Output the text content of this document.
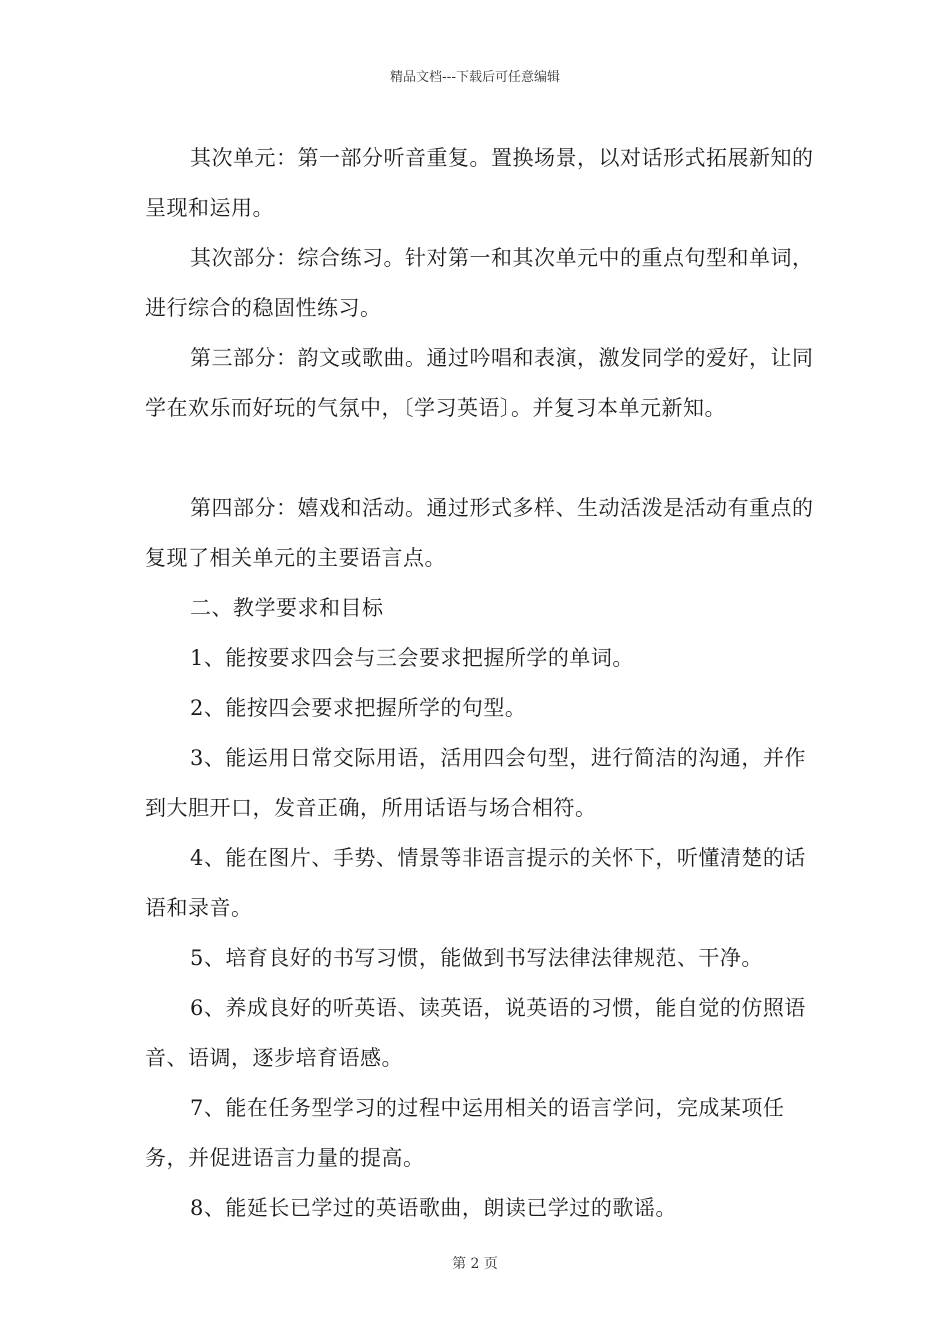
精品文档---下载后可任意编辑

其次单元：第一部分听音重复。置换场景，以对话形式拓展新知的呈现和运用。

其次部分：综合练习。针对第一和其次单元中的重点句型和单词，进行综合的稳固性练习。

第三部分：韵文或歌曲。通过吟唱和表演，激发同学的爱好，让同学在欢乐而好玩的气氛中，〔学习英语〕。并复习本单元新知。

第四部分：嬉戏和活动。通过形式多样、生动活泼是活动有重点的复现了相关单元的主要语言点。

二、教学要求和目标

1、能按要求四会与三会要求把握所学的单词。

2、能按四会要求把握所学的句型。

3、能运用日常交际用语，活用四会句型，进行简洁的沟通，并作到大胆开口，发音正确，所用话语与场合相符。

4、能在图片、手势、情景等非语言提示的关怀下，听懂清楚的话语和录音。

5、培育良好的书写习惯，能做到书写法律法律规范、干净。

6、养成良好的听英语、读英语，说英语的习惯，能自觉的仿照语音、语调，逐步培育语感。

7、能在任务型学习的过程中运用相关的语言学问，完成某项任务，并促进语言力量的提高。

8、能延长已学过的英语歌曲，朗读已学过的歌谣。

第 2 页
